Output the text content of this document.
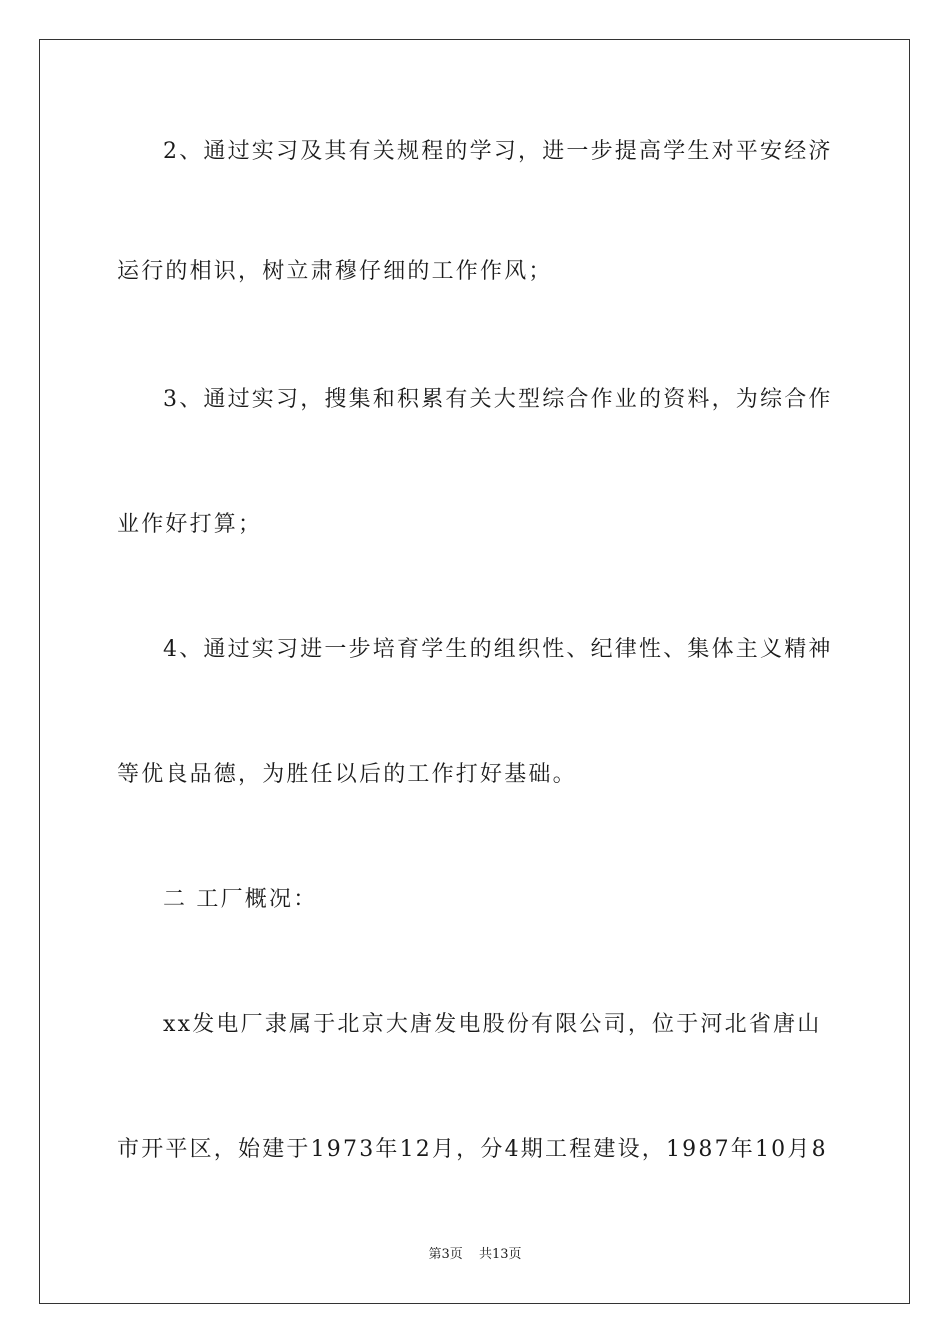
2、通过实习及其有关规程的学习，进一步提高学生对平安经济
运行的相识，树立肃穆仔细的工作作风；
3、通过实习，搜集和积累有关大型综合作业的资料，为综合作
业作好打算；
4、通过实习进一步培育学生的组织性、纪律性、集体主义精神
等优良品德，为胜任以后的工作打好基础。
二 工厂概况：
xx发电厂隶属于北京大唐发电股份有限公司，位于河北省唐山
市开平区，始建于1973年12月，分4期工程建设，1987年10月8
第3页 共13页
